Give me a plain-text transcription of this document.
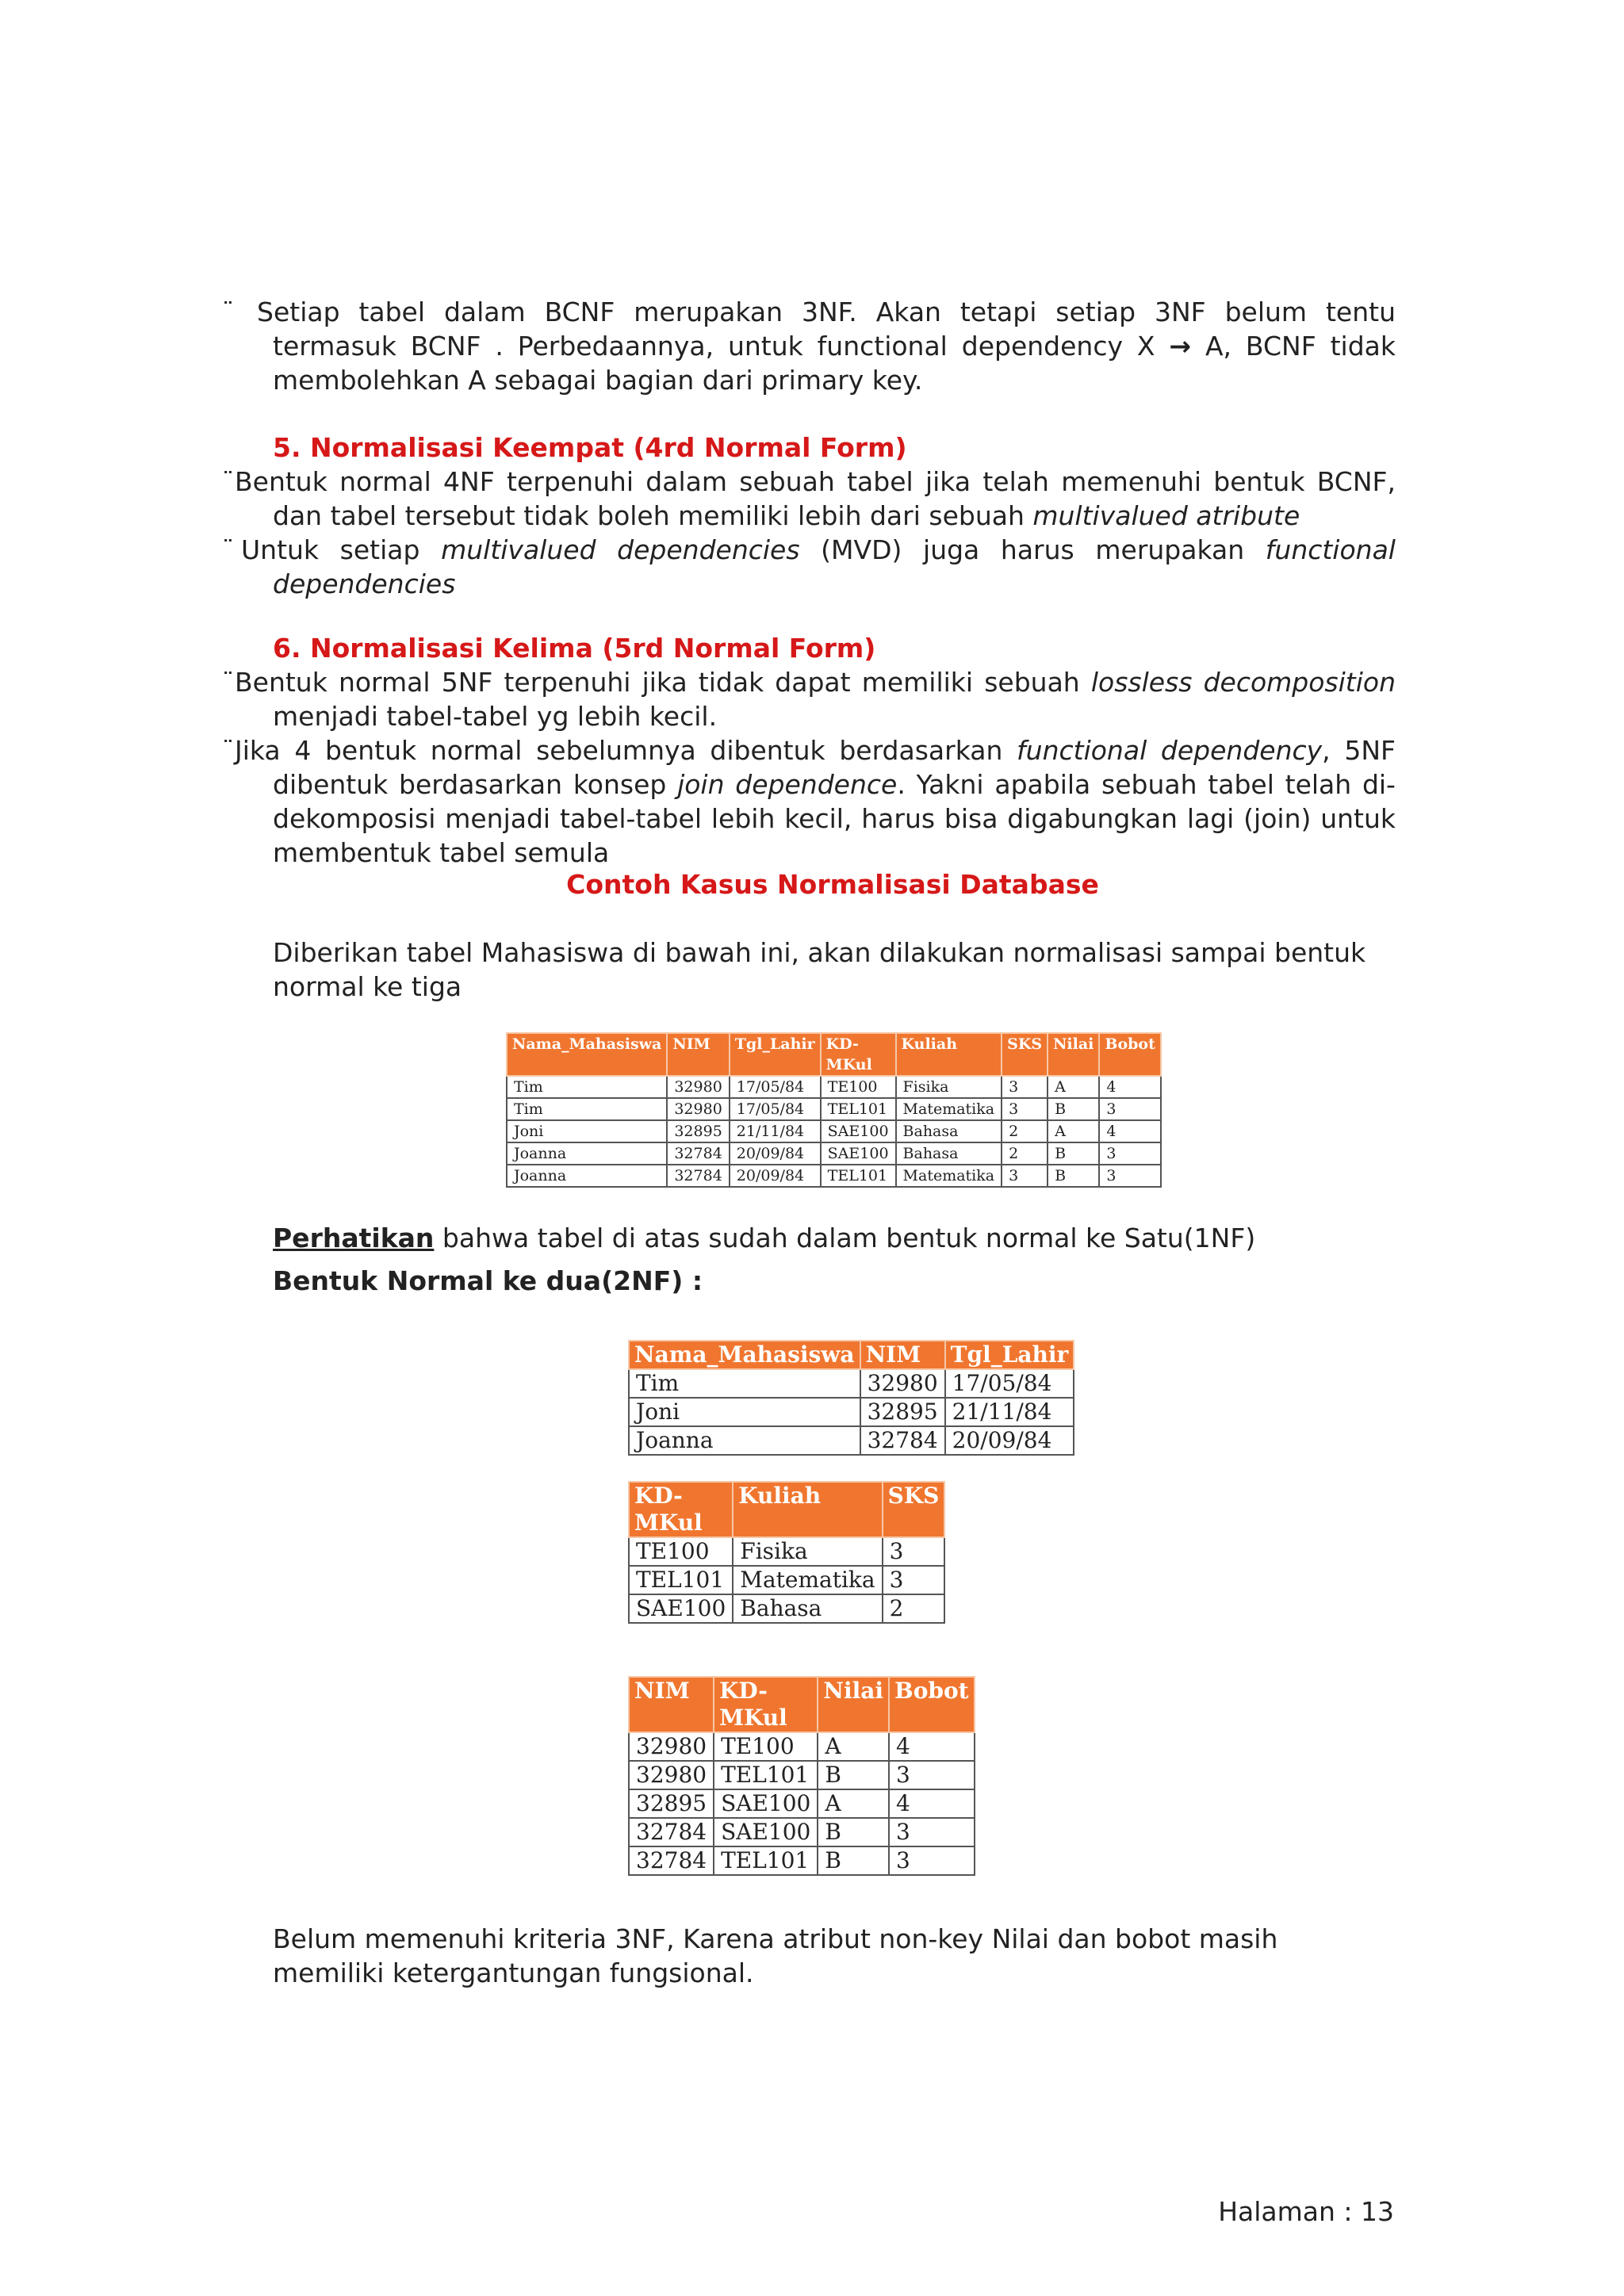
¨ Setiap tabel dalam BCNF merupakan 3NF. Akan tetapi setiap 3NF belum tentu termasuk BCNF . Perbedaannya, untuk functional dependency X → A, BCNF tidak membolehkan A sebagai bagian dari primary key.
5. Normalisasi Keempat (4rd Normal Form)
¨ Bentuk normal 4NF terpenuhi dalam sebuah tabel jika telah memenuhi bentuk BCNF, dan tabel tersebut tidak boleh memiliki lebih dari sebuah multivalued atribute
¨ Untuk setiap multivalued dependencies (MVD) juga harus merupakan functional dependencies
6. Normalisasi Kelima (5rd Normal Form)
¨ Bentuk normal 5NF terpenuhi jika tidak dapat memiliki sebuah lossless decomposition menjadi tabel-tabel yg lebih kecil.
¨ Jika 4 bentuk normal sebelumnya dibentuk berdasarkan functional dependency, 5NF dibentuk berdasarkan konsep join dependence. Yakni apabila sebuah tabel telah di-dekomposisi menjadi tabel-tabel lebih kecil, harus bisa digabungkan lagi (join) untuk membentuk tabel semula
Contoh Kasus Normalisasi Database
Diberikan tabel Mahasiswa di bawah ini, akan dilakukan normalisasi sampai bentuk normal ke tiga
Nama_Mahasiswa	NIM	Tgl_Lahir	KD-MKul	Kuliah	SKS	Nilai	Bobot
Tim	32980	17/05/84	TE100	Fisika	3	A	4
Tim	32980	17/05/84	TEL101	Matematika	3	B	3
Joni	32895	21/11/84	SAE100	Bahasa	2	A	4
Joanna	32784	20/09/84	SAE100	Bahasa	2	B	3
Joanna	32784	20/09/84	TEL101	Matematika	3	B	3
Perhatikan bahwa tabel di atas sudah dalam bentuk normal ke Satu(1NF)
Bentuk Normal ke dua(2NF) :
Nama_Mahasiswa	NIM	Tgl_Lahir
Tim	32980	17/05/84
Joni	32895	21/11/84
Joanna	32784	20/09/84
KD-MKul	Kuliah	SKS
TE100	Fisika	3
TEL101	Matematika	3
SAE100	Bahasa	2
NIM	KD-MKul	Nilai	Bobot
32980	TE100	A	4
32980	TEL101	B	3
32895	SAE100	A	4
32784	SAE100	B	3
32784	TEL101	B	3
Belum memenuhi kriteria 3NF, Karena atribut non-key Nilai dan bobot masih memiliki ketergantungan fungsional.
Halaman : 13
